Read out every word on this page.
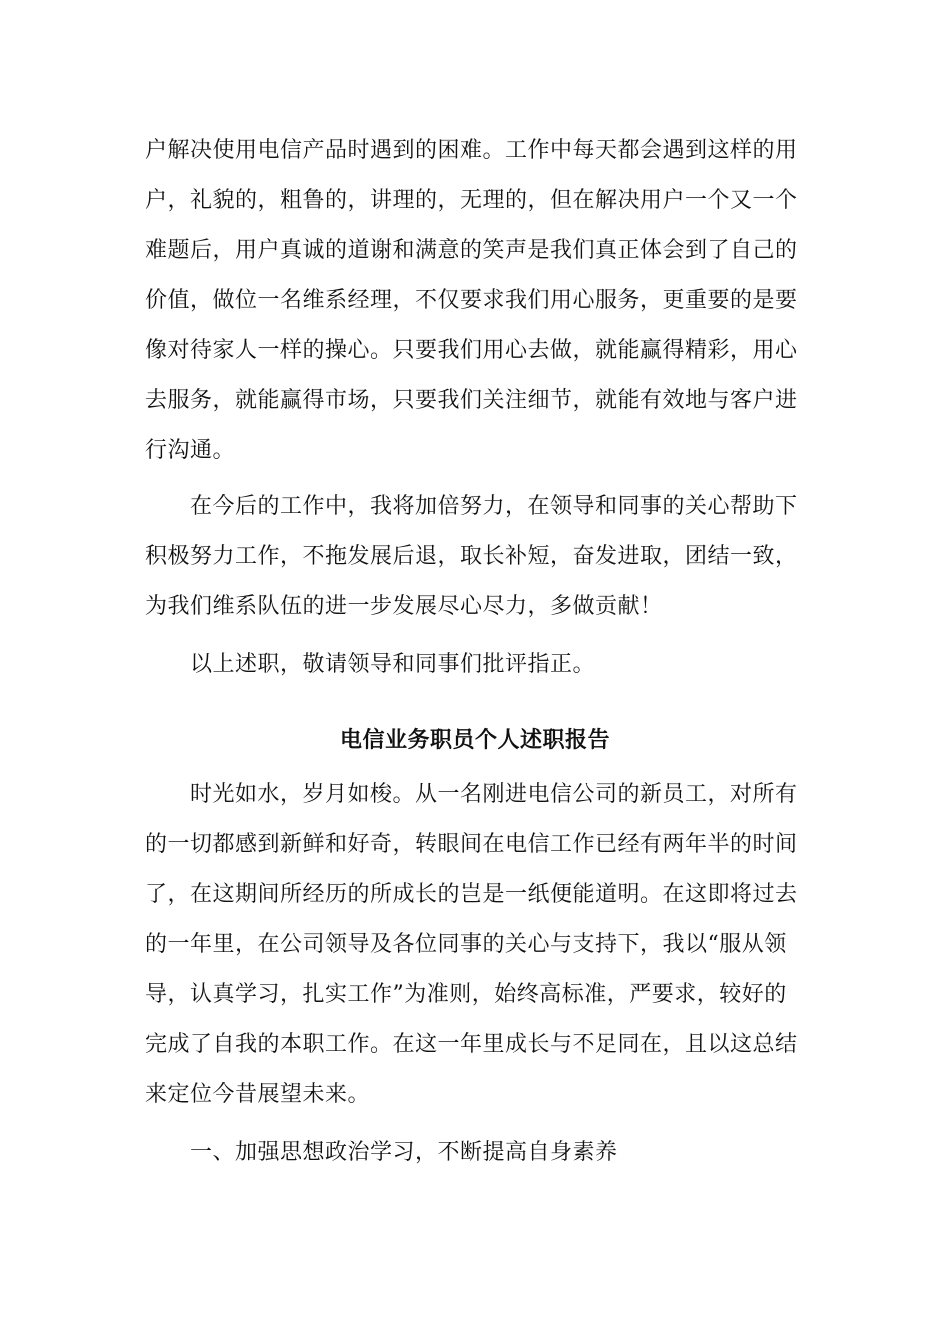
户解决使用电信产品时遇到的困难。工作中每天都会遇到这样的用
户，礼貌的，粗鲁的，讲理的，无理的，但在解决用户一个又一个
难题后，用户真诚的道谢和满意的笑声是我们真正体会到了自己的
价值，做位一名维系经理，不仅要求我们用心服务，更重要的是要
像对待家人一样的操心。只要我们用心去做，就能赢得精彩，用心
去服务，就能赢得市场，只要我们关注细节，就能有效地与客户进
行沟通。
在今后的工作中，我将加倍努力，在领导和同事的关心帮助下
积极努力工作，不拖发展后退，取长补短，奋发进取，团结一致，
为我们维系队伍的进一步发展尽心尽力，多做贡献！
以上述职，敬请领导和同事们批评指正。
电信业务职员个人述职报告
时光如水，岁月如梭。从一名刚进电信公司的新员工，对所有
的一切都感到新鲜和好奇，转眼间在电信工作已经有两年半的时间
了，在这期间所经历的所成长的岂是一纸便能道明。在这即将过去
的一年里，在公司领导及各位同事的关心与支持下，我以“服从领
导，认真学习，扎实工作”为准则，始终高标准，严要求，较好的
完成了自我的本职工作。在这一年里成长与不足同在，且以这总结
来定位今昔展望未来。
一、加强思想政治学习，不断提高自身素养
